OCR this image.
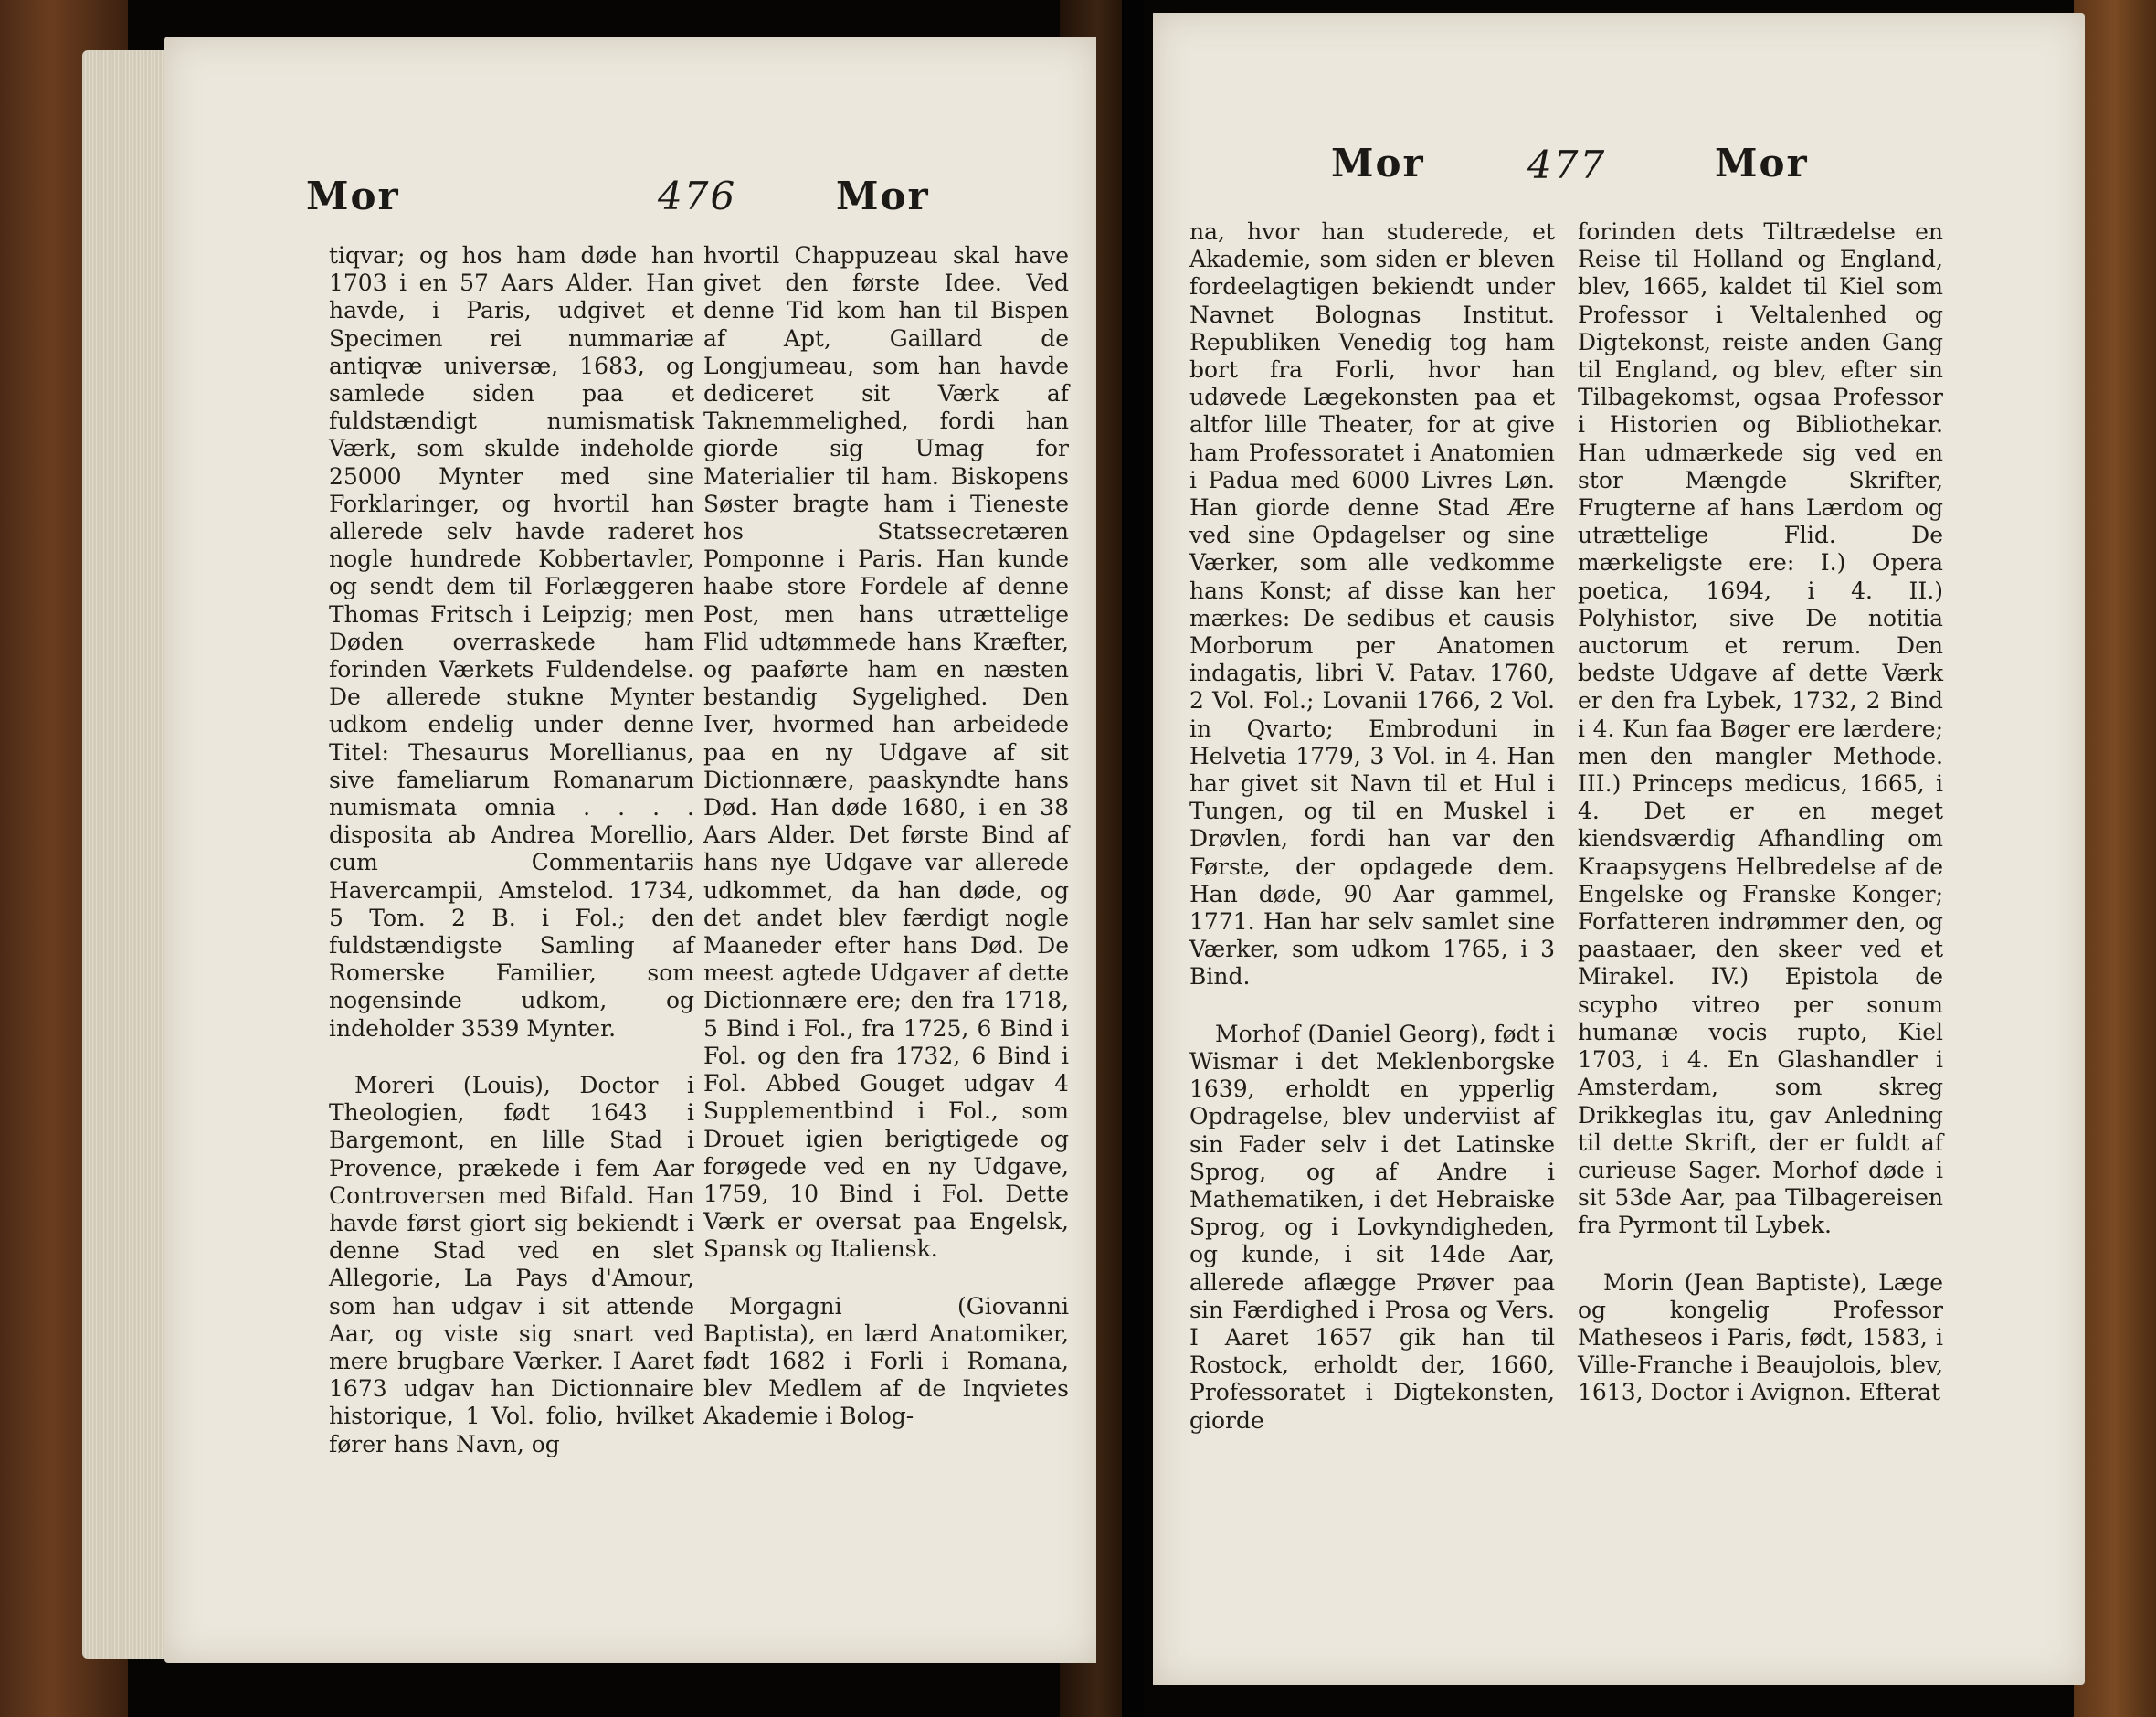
Mor	476	Mor

tiqvar; og hos ham døde han 1703 i en 57 Aars Alder. Han havde, i Paris, udgivet et Specimen rei nummariæ antiqvæ universæ, 1683, og samlede siden paa et fuldstændigt numismatisk Værk, som skulde indeholde 25000 Mynter med sine Forklaringer, og hvortil han allerede selv havde raderet nogle hundrede Kobbertavler, og sendt dem til Forlæggeren Thomas Fritsch i Leipzig; men Døden overraskede ham forinden Værkets Fuldendelse. De allerede stukne Mynter udkom endelig under denne Titel: Thesaurus Morellianus, sive fameliarum Romanarum numismata omnia . . . . disposita ab Andrea Morellio, cum Commentariis Havercampii, Amstelod. 1734, 5 Tom. 2 B. i Fol.; den fuldstændigste Samling af Romerske Familier, som nogensinde udkom, og indeholder 3539 Mynter.

Moreri (Louis), Doctor i Theologien, født 1643 i Bargemont, en lille Stad i Provence, prækede i fem Aar Controversen med Bifald. Han havde først giort sig bekiendt i denne Stad ved en slet Allegorie, La Pays d'Amour, som han udgav i sit attende Aar, og viste sig snart ved mere brugbare Værker. I Aaret 1673 udgav han Dictionnaire historique, 1 Vol. folio, hvilket fører hans Navn, og

hvortil Chappuzeau skal have givet den første Idee. Ved denne Tid kom han til Bispen af Apt, Gaillard de Longjumeau, som han havde dediceret sit Værk af Taknemmelighed, fordi han giorde sig Umag for Materialier til ham. Biskopens Søster bragte ham i Tieneste hos Statssecretæren Pomponne i Paris. Han kunde haabe store Fordele af denne Post, men hans utrættelige Flid udtømmede hans Kræfter, og paaførte ham en næsten bestandig Sygelighed. Den Iver, hvormed han arbeidede paa en ny Udgave af sit Dictionnære, paaskyndte hans Død. Han døde 1680, i en 38 Aars Alder. Det første Bind af hans nye Udgave var allerede udkommet, da han døde, og det andet blev færdigt nogle Maaneder efter hans Død. De meest agtede Udgaver af dette Dictionnære ere; den fra 1718, 5 Bind i Fol., fra 1725, 6 Bind i Fol. og den fra 1732, 6 Bind i Fol. Abbed Gouget udgav 4 Supplementbind i Fol., som Drouet igien berigtigede og forøgede ved en ny Udgave, 1759, 10 Bind i Fol. Dette Værk er oversat paa Engelsk, Spansk og Italiensk.

Morgagni (Giovanni Baptista), en lærd Anatomiker, født 1682 i Forli i Romana, blev Medlem af de Inqvietes Akademie i Bolog-

Mor	477	Mor

na, hvor han studerede, et Akademie, som siden er bleven fordeelagtigen bekiendt under Navnet Bolognas Institut. Republiken Venedig tog ham bort fra Forli, hvor han udøvede Lægekonsten paa et altfor lille Theater, for at give ham Professoratet i Anatomien i Padua med 6000 Livres Løn. Han giorde denne Stad Ære ved sine Opdagelser og sine Værker, som alle vedkomme hans Konst; af disse kan her mærkes: De sedibus et causis Morborum per Anatomen indagatis, libri V. Patav. 1760, 2 Vol. Fol.; Lovanii 1766, 2 Vol. in Qvarto; Embroduni in Helvetia 1779, 3 Vol. in 4. Han har givet sit Navn til et Hul i Tungen, og til en Muskel i Drøvlen, fordi han var den Første, der opdagede dem. Han døde, 90 Aar gammel, 1771. Han har selv samlet sine Værker, som udkom 1765, i 3 Bind.

Morhof (Daniel Georg), født i Wismar i det Meklenborgske 1639, erholdt en ypperlig Opdragelse, blev underviist af sin Fader selv i det Latinske Sprog, og af Andre i Mathematiken, i det Hebraiske Sprog, og i Lovkyndigheden, og kunde, i sit 14de Aar, allerede aflægge Prøver paa sin Færdighed i Prosa og Vers. I Aaret 1657 gik han til Rostock, erholdt der, 1660, Professoratet i Digtekonsten, giorde

forinden dets Tiltrædelse en Reise til Holland og England, blev, 1665, kaldet til Kiel som Professor i Veltalenhed og Digtekonst, reiste anden Gang til England, og blev, efter sin Tilbagekomst, ogsaa Professor i Historien og Bibliothekar. Han udmærkede sig ved en stor Mængde Skrifter, Frugterne af hans Lærdom og utrættelige Flid. De mærkeligste ere: I.) Opera poetica, 1694, i 4. II.) Polyhistor, sive De notitia auctorum et rerum. Den bedste Udgave af dette Værk er den fra Lybek, 1732, 2 Bind i 4. Kun faa Bøger ere lærdere; men den mangler Methode. III.) Princeps medicus, 1665, i 4. Det er en meget kiendsværdig Afhandling om Kraapsygens Helbredelse af de Engelske og Franske Konger; Forfatteren indrømmer den, og paastaaer, den skeer ved et Mirakel. IV.) Epistola de scypho vitreo per sonum humanæ vocis rupto, Kiel 1703, i 4. En Glashandler i Amsterdam, som skreg Drikkeglas itu, gav Anledning til dette Skrift, der er fuldt af curieuse Sager. Morhof døde i sit 53de Aar, paa Tilbagereisen fra Pyrmont til Lybek.

Morin (Jean Baptiste), Læge og kongelig Professor Matheseos i Paris, født, 1583, i Ville-Franche i Beaujolois, blev, 1613, Doctor i Avignon. Efterat
